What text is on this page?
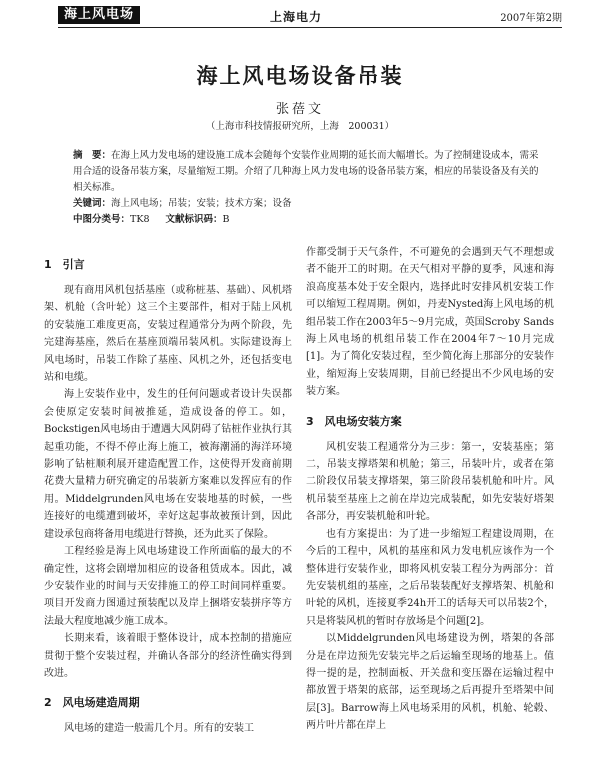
海上风电场	上海电力	2007年第2期
海上风电场设备吊装
张蓓文
（上海市科技情报研究所，上海　200031）

摘　要：在海上风力发电场的建设施工成本会随每个安装作业周期的延长而大幅增长。为了控制建设成本，需采用合适的设备吊装方案，尽量缩短工期。介绍了几种海上风力发电场的设备吊装方案，相应的吊装设备及有关的相关标准。

关键词：海上风电场；吊装；安装；技术方案；设备

中图分类号：TK8 文献标识码：B

1　引言

现有商用风机包括基座（或称桩基、基础）、风机塔架、机舱（含叶轮）这三个主要部件，相对于陆上风机的安装施工难度更高，安装过程通常分为两个阶段，先完建海基座，然后在基座顶端吊装风机。实际建设海上风电场时，吊装工作除了基座、风机之外，还包括变电站和电缆。

海上安装作业中，发生的任何问题或者设计失误都会使原定安装时间被推延，造成设备的停工。如，Bockstigen风电场由于遭遇大风阴碍了钻桩作业执行其起重功能，不得不停止海上施工，被海潮涌的海洋环境影响了钻桩顺利展开建造配置工作，这使得开发商前期花费大量精力研究确定的吊装新方案难以发挥应有的作用。Middelgrunden风电场在安装地基的时候，一些连接好的电缆遭到破坏，幸好这起事故被预计到，因此建设承包商将备用电缆进行替换，还为此买了保险。

工程经验是海上风电场建设工作所面临的最大的不确定性，这将会剧增加相应的设备租赁成本。因此，减少安装作业的时间与天安排施工的停工时间同样重要。项目开发商力图通过预装配以及岸上捆塔安装拼序等方法最大程度地减少施工成本。

长期来看，该着眼于整体设计，成本控制的措施应贯彻于整个安装过程，并确认各部分的经济性确实得到改进。

2　风电场建造周期

风电场的建造一般需几个月。所有的安装工

作都受制于天气条件，不可避免的会遇到天气不理想或者不能开工的时期。在天气相对平静的夏季，风速和海浪高度基本处于安全限内，选择此时安排风机安装工作可以缩短工程周期。例如，丹麦Nysted海上风电场的机组吊装工作在2003年5～9月完成，英国Scroby Sands海上风电场的机组吊装工作在2004年7～10月完成[1]。为了简化安装过程，至少简化海上那部分的安装作业，缩短海上安装周期，目前已经提出不少风电场的安装方案。

3　风电场安装方案

风机安装工程通常分为三步：第一，安装基座；第二，吊装支撑塔架和机舱；第三，吊装叶片，或者在第二阶段仅吊装支撑塔架，第三阶段吊装机舱和叶片。风机吊装至基座上之前在岸边完成装配，如先安装好塔架各部分，再安装机舱和叶轮。

也有方案提出：为了进一步缩短工程建设周期，在今后的工程中，风机的基座和风力发电机应该作为一个整体进行安装作业，即将风机安装工程分为两部分：首先安装机组的基座，之后吊装装配好支撑塔架、机舱和叶轮的风机，连接夏季24h开工的话每天可以吊装2个，只是将装风机的暂时存放场是个问题[2]。

以Middelgrunden风电场建设为例，塔架的各部分是在岸边预先安装完毕之后运输至现场的地基上。值得一提的是，控制面板、开关盘和变压器在运输过程中都放置于塔架的底部，运至现场之后再提升至塔架中间层[3]。Barrow海上风电场采用的风机，机舱、轮毂、两片叶片都在岸上
